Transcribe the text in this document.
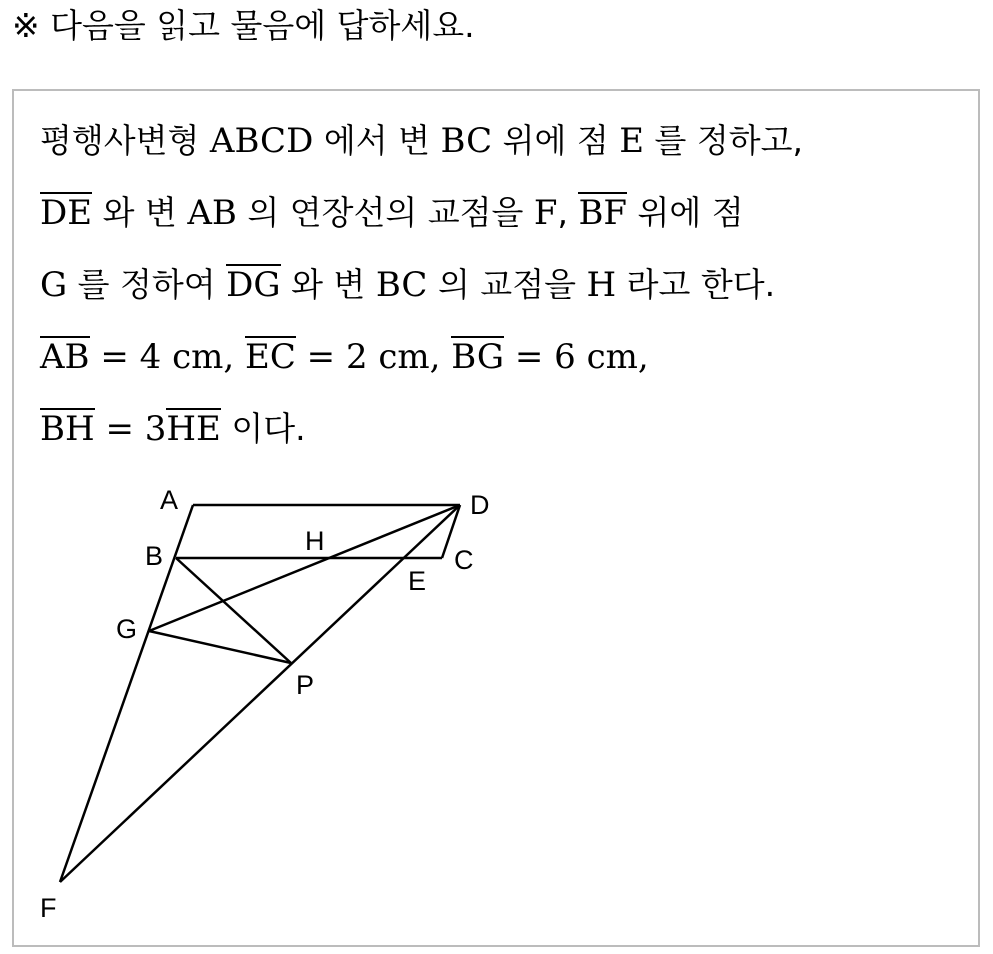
※ 다음을 읽고 물음에 답하세요.
평행사변형 ABCD 에서 변 BC 위에 점 E 를 정하고,
DE 와 변 AB 의 연장선의 교점을 F, BF 위에 점
G 를 정하여 DG 와 변 BC 의 교점을 H 라고 한다.
AB = 4 cm, EC = 2 cm, BG = 6 cm,
BH = 3HE 이다.
A
B	C
D
E
F
G
H
P
